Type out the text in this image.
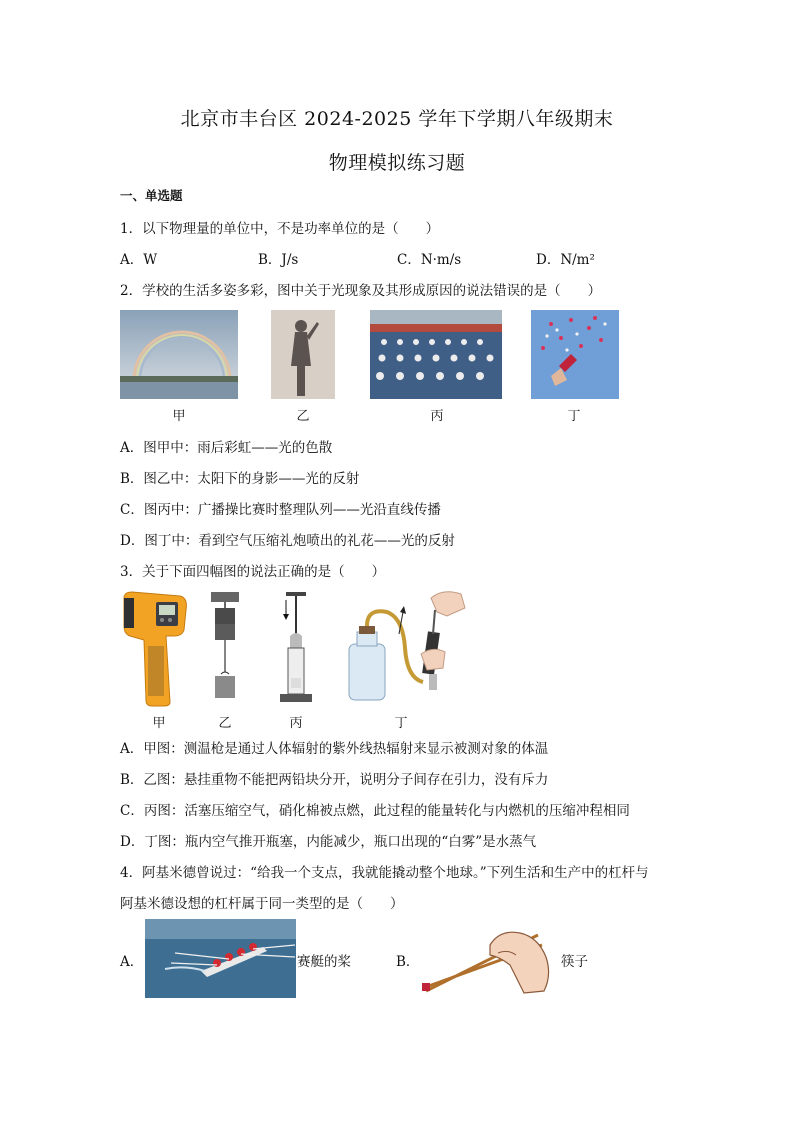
北京市丰台区 2024-2025 学年下学期八年级期末
物理模拟练习题
一、单选题
1．以下物理量的单位中，不是功率单位的是（　　）
A．W	B．J/s	C．N·m/s	D．N/m²
2．学校的生活多姿多彩，图中关于光现象及其形成原因的说法错误的是（　　）
甲	乙	丙	丁
A．图甲中：雨后彩虹——光的色散
B．图乙中：太阳下的身影——光的反射
C．图丙中：广播操比赛时整理队列——光沿直线传播
D．图丁中：看到空气压缩礼炮喷出的礼花——光的反射
3．关于下面四幅图的说法正确的是（　　）
甲	乙	丙	丁
A．甲图：测温枪是通过人体辐射的紫外线热辐射来显示被测对象的体温
B．乙图：悬挂重物不能把两铅块分开，说明分子间存在引力，没有斥力
C．丙图：活塞压缩空气，硝化棉被点燃，此过程的能量转化与内燃机的压缩冲程相同
D．丁图：瓶内空气推开瓶塞，内能减少，瓶口出现的“白雾”是水蒸气
4．阿基米德曾说过：“给我一个支点，我就能撬动整个地球。”下列生活和生产中的杠杆与
阿基米德设想的杠杆属于同一类型的是（　　）
A．	赛艇的桨	B．	筷子
